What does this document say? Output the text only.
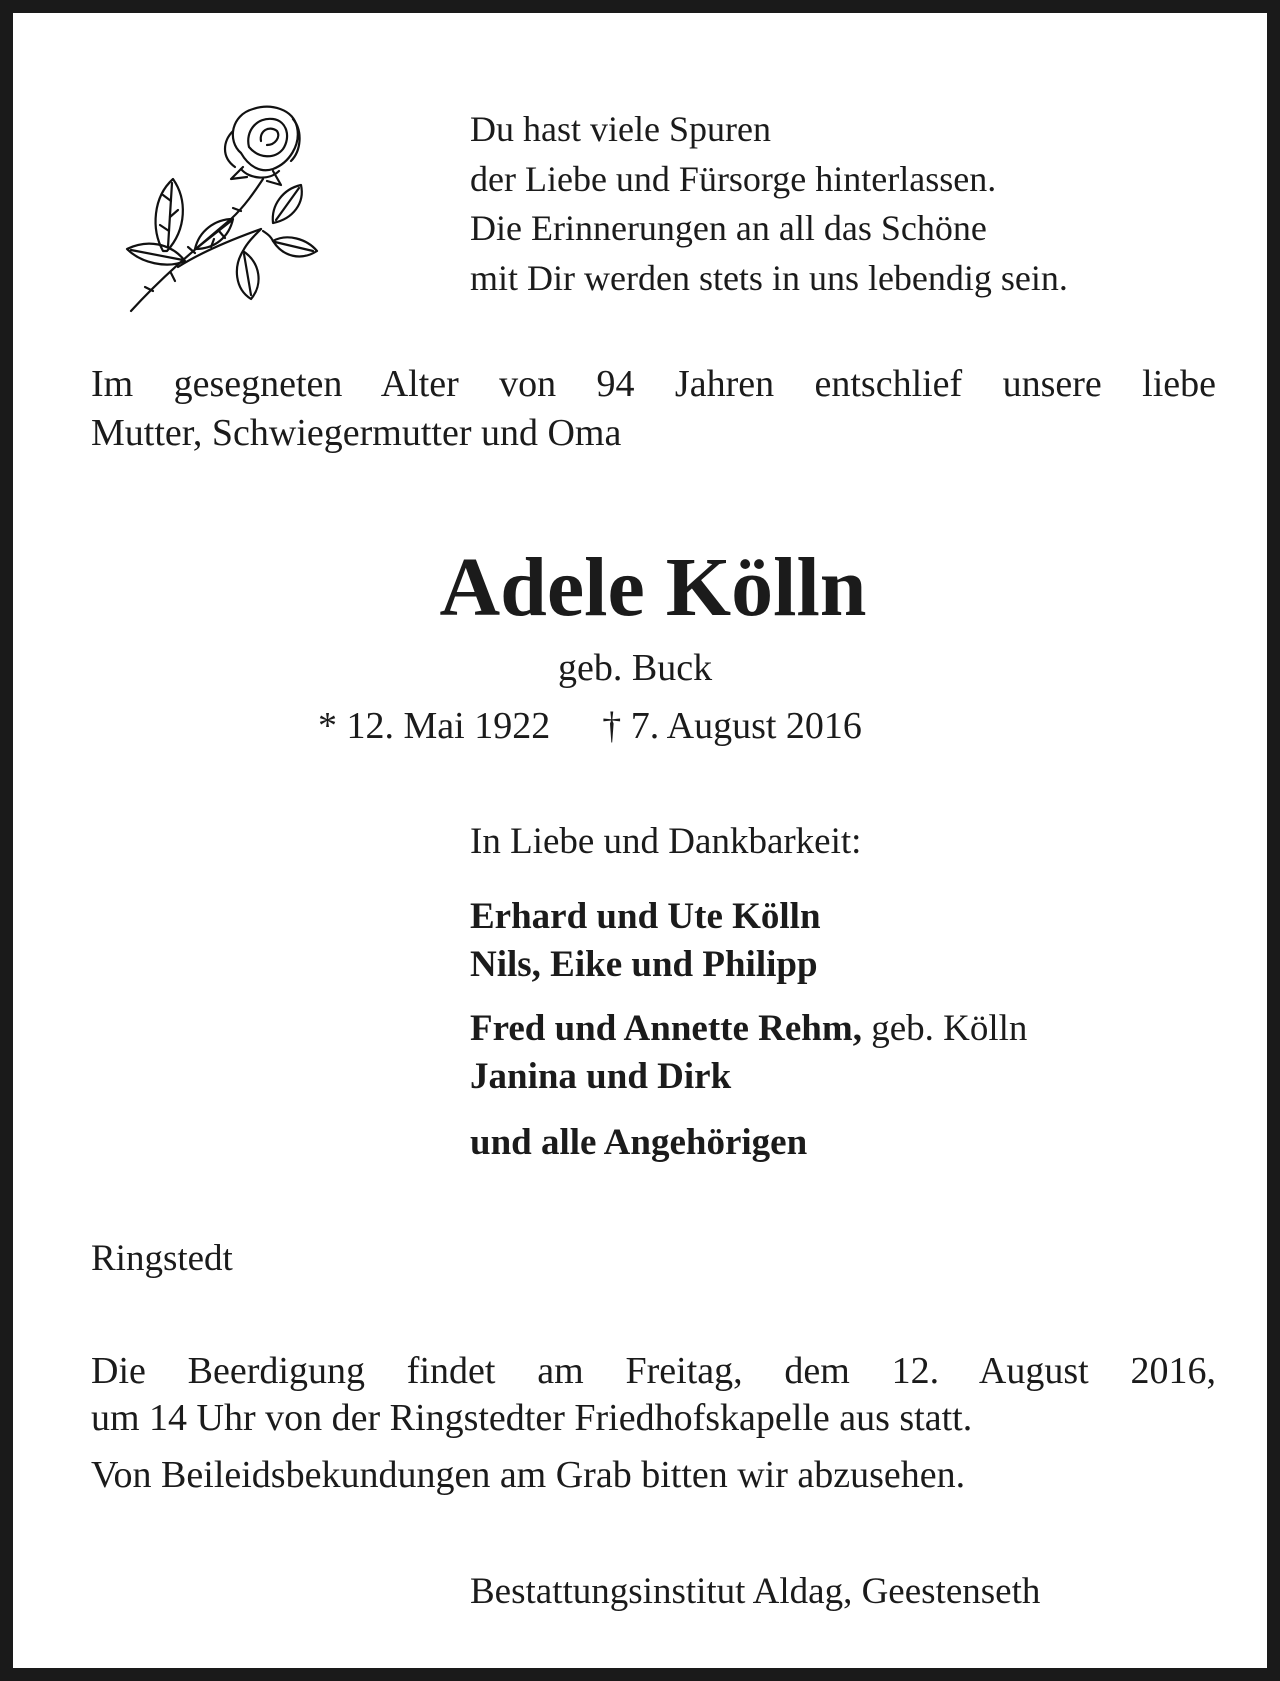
Du hast viele Spuren
der Liebe und Fürsorge hinterlassen.
Die Erinnerungen an all das Schöne
mit Dir werden stets in uns lebendig sein.
Im gesegneten Alter von 94 Jahren entschlief unsere liebe
Mutter, Schwiegermutter und Oma
Adele Kölln
geb. Buck
* 12. Mai 1922 † 7. August 2016
In Liebe und Dankbarkeit:
Erhard und Ute Kölln
Nils, Eike und Philipp
Fred und Annette Rehm, geb. Kölln
Janina und Dirk
und alle Angehörigen
Ringstedt
Die Beerdigung findet am Freitag, dem 12. August 2016,
um 14 Uhr von der Ringstedter Friedhofskapelle aus statt.
Von Beileidsbekundungen am Grab bitten wir abzusehen.
Bestattungsinstitut Aldag, Geestenseth
